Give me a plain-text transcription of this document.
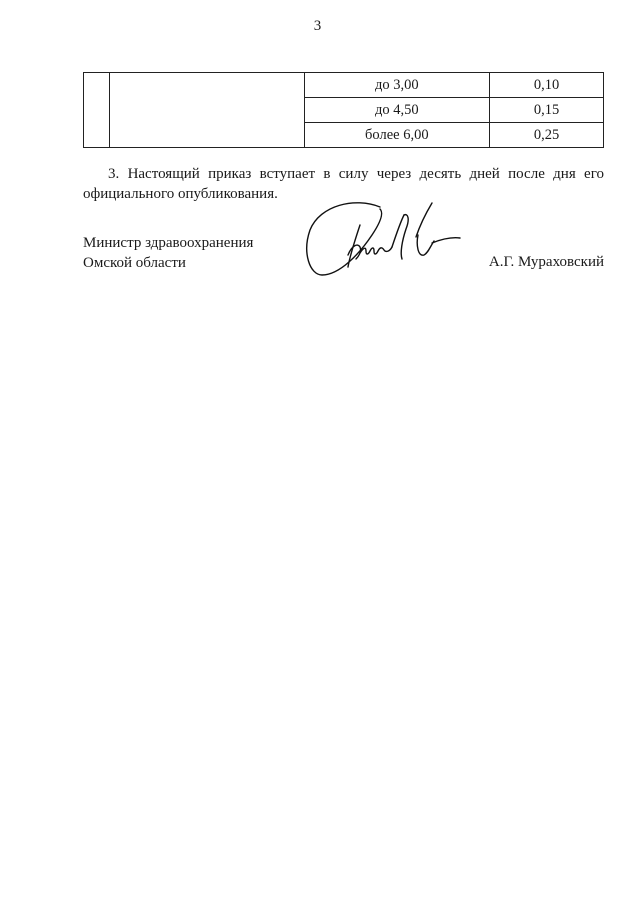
3
		до 3,00	0,10
		до 4,50	0,15
		более 6,00	0,25
3. Настоящий приказ вступает в силу через десять дней после дня его официального опубликования.
Министр здравоохранения
Омской области	А.Г. Мураховский
